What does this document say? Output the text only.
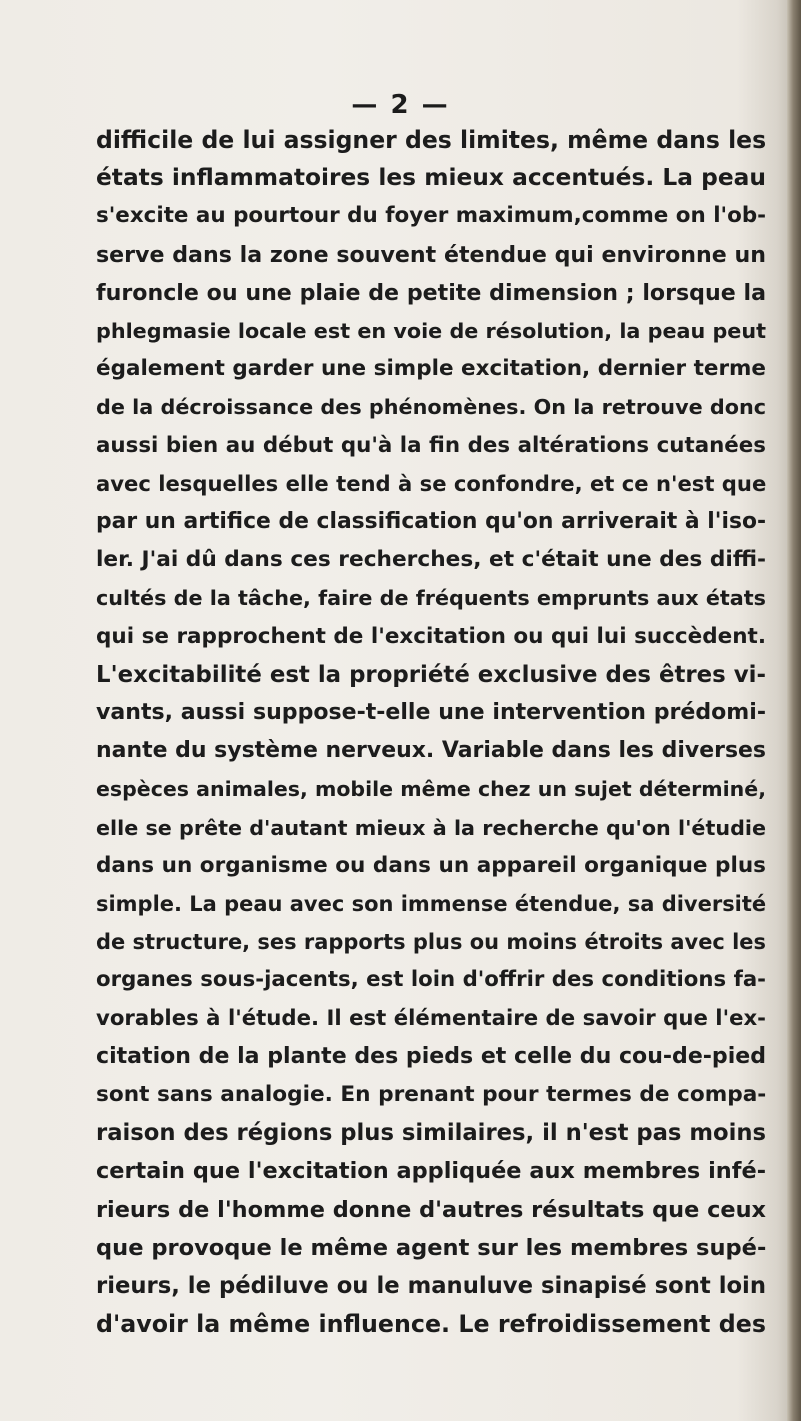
— 2 —
difficile de lui assigner des limites, même dans les
états inflammatoires les mieux accentués. La peau
s'excite au pourtour du foyer maximum,comme on l'ob-
serve dans la zone souvent étendue qui environne un
furoncle ou une plaie de petite dimension ; lorsque la
phlegmasie locale est en voie de résolution, la peau peut
également garder une simple excitation, dernier terme
de la décroissance des phénomènes. On la retrouve donc
aussi bien au début qu'à la fin des altérations cutanées
avec lesquelles elle tend à se confondre, et ce n'est que
par un artifice de classification qu'on arriverait à l'iso-
ler. J'ai dû dans ces recherches, et c'était une des diffi-
cultés de la tâche, faire de fréquents emprunts aux états
qui se rapprochent de l'excitation ou qui lui succèdent.
L'excitabilité est la propriété exclusive des êtres vi-
vants, aussi suppose-t-elle une intervention prédomi-
nante du système nerveux. Variable dans les diverses
espèces animales, mobile même chez un sujet déterminé,
elle se prête d'autant mieux à la recherche qu'on l'étudie
dans un organisme ou dans un appareil organique plus
simple. La peau avec son immense étendue, sa diversité
de structure, ses rapports plus ou moins étroits avec les
organes sous-jacents, est loin d'offrir des conditions fa-
vorables à l'étude. Il est élémentaire de savoir que l'ex-
citation de la plante des pieds et celle du cou-de-pied
sont sans analogie. En prenant pour termes de compa-
raison des régions plus similaires, il n'est pas moins
certain que l'excitation appliquée aux membres infé-
rieurs de l'homme donne d'autres résultats que ceux
que provoque le même agent sur les membres supé-
rieurs, le pédiluve ou le manuluve sinapisé sont loin
d'avoir la même influence. Le refroidissement des
